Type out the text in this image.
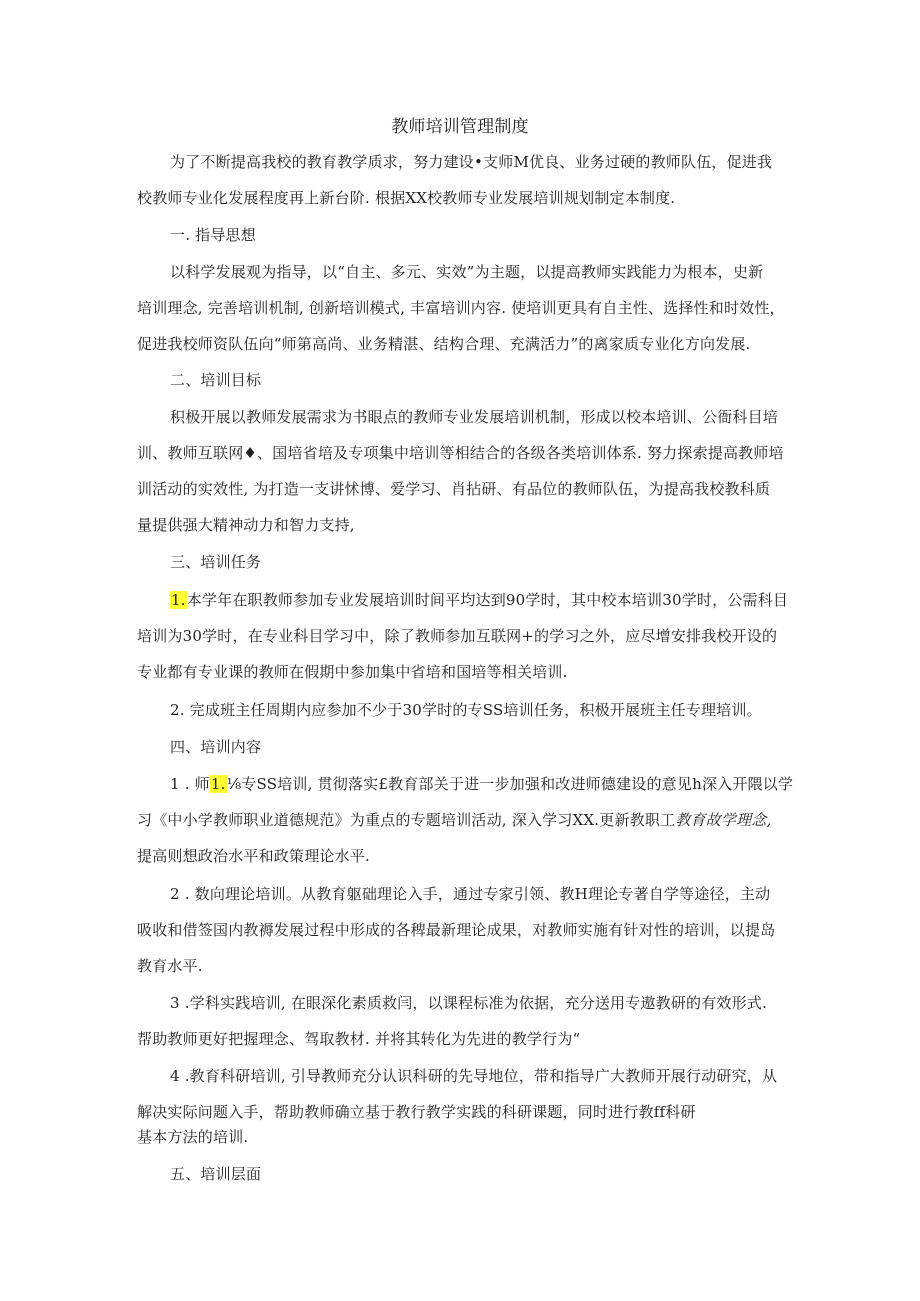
教师培训管理制度
为了不断提高我校的教育教学质求，努力建设•支师M优良、业务过硬的教师队伍，促进我
校教师专业化发展程度再上新台阶. 根据XX校教师专业发展培训规划制定本制度.
一. 指导思想
以科学发展观为指导，以“自主、多元、实效”为主题，以提高教师实践能力为根本，史新
培训理念, 完善培训机制, 创新培训模式, 丰富培训内容. 使培训更具有自主性、选择性和时效性，
促进我校师资队伍向“师第高尚、业务精湛、结构合理、充满活力”的离家质专业化方向发展.
二、培训目标
积极开展以教师发展需求为书眼点的教师专业发展培训机制，形成以校本培训、公衙科目培
训、教师互联网♦、国培省培及专项集中培训等相结合的各级各类培训体系. 努力探索提高教师培
训活动的实效性, 为打造一支讲怵博、爱学习、肖拈研、有品位的教师队伍，为提高我校教科质
量提供强大精神动力和智力支持,
三、培训任务
1.本学年在职教师参加专业发展培训时间平均达到90学时，其中校本培训30学时，公需科目
培训为30学时，在专业科目学习中，除了教师参加互联网+的学习之外，应尽增安排我校开设的
专业都有专业课的教师在假期中参加集中省培和国培等相关培训.
2. 完成班主任周期内应参加不少于30学时的专SS培训任务，积极开展班主任专理培训。
四、培训内容
1 . 师1.⅛专SS培训, 贯彻落实£教育部关于进一步加强和改进师德建设的意见h深入开隈以学
习《中小学教师职业道德规范》为重点的专题培训活动, 深入学习XX.更新教职工教育故学理念,
提高则想政治水平和政策理论水平.
2 . 数向理论培训。从教育躯础理论入手，通过专家引领、教H理论专著自学等途径，主动
吸收和借签国内教褥发展过程中形成的各稗最新理论成果，对教师实施有针对性的培训，以提岛
教育水平.
3 .学科实践培训, 在眼深化素质救闫，以课程标准为依据，充分送用专遨教研的有效形式.
帮助教师更好把握理念、驾取教材. 并将其转化为先进的教学行为“
4 .教育科研培训, 引导教师充分认识科研的先导地位，带和指导广大教师开展行动研究，从
解决实际问题入手，帮助教师确立基于教行教学实践的科研课题，同时进行教ff科研
基本方法的培训.
五、培训层面
